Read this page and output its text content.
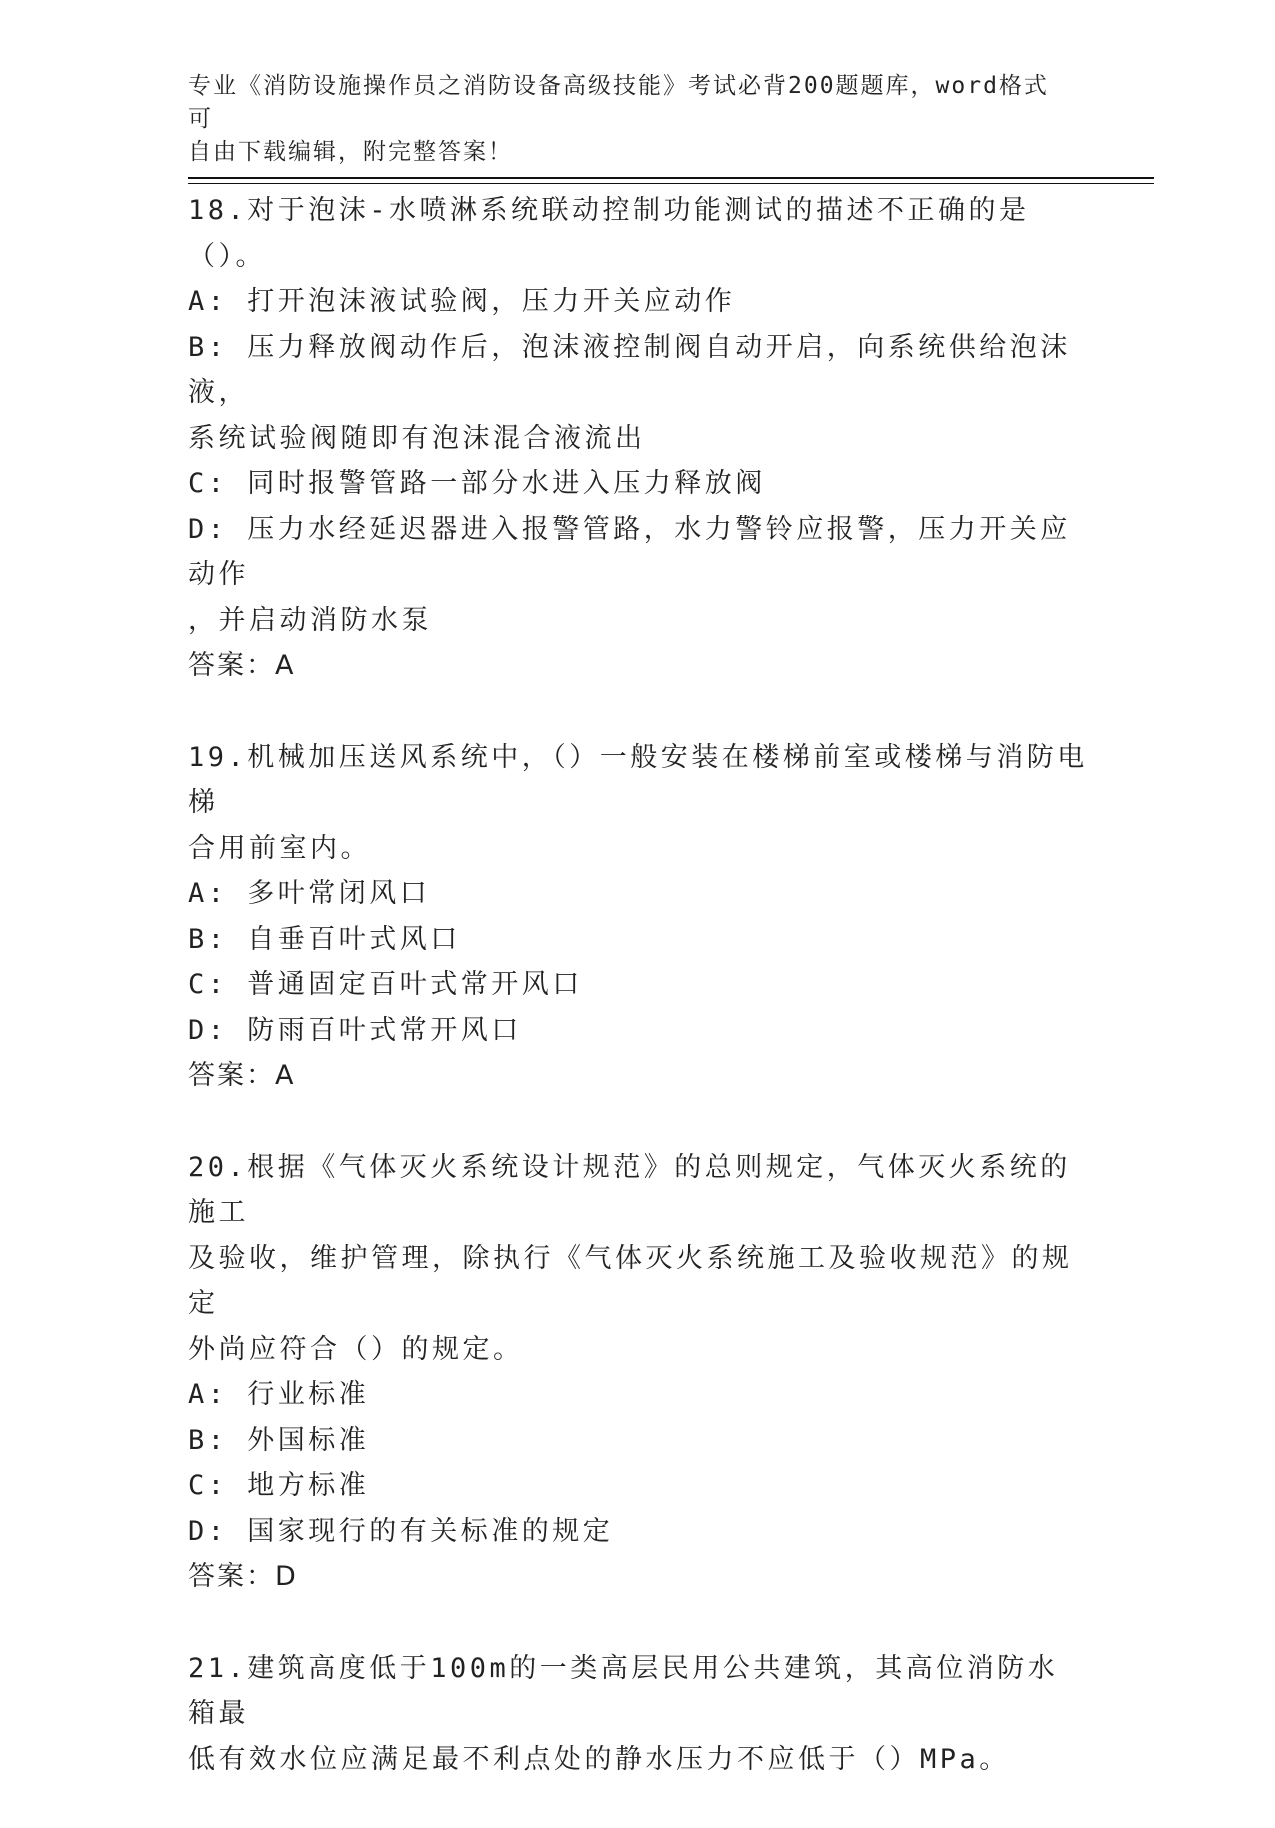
专业《消防设施操作员之消防设备高级技能》考试必背200题题库，word格式可
自由下载编辑，附完整答案！
18.对于泡沫-水喷淋系统联动控制功能测试的描述不正确的是（）。
A: 打开泡沫液试验阀，压力开关应动作
B: 压力释放阀动作后，泡沫液控制阀自动开启，向系统供给泡沫液，
系统试验阀随即有泡沫混合液流出
C: 同时报警管路一部分水进入压力释放阀
D: 压力水经延迟器进入报警管路，水力警铃应报警，压力开关应动作
，并启动消防水泵
答案：A
19.机械加压送风系统中，（）一般安装在楼梯前室或楼梯与消防电梯
合用前室内。
A: 多叶常闭风口
B: 自垂百叶式风口
C: 普通固定百叶式常开风口
D: 防雨百叶式常开风口
答案：A
20.根据《气体灭火系统设计规范》的总则规定，气体灭火系统的施工
及验收，维护管理，除执行《气体灭火系统施工及验收规范》的规定
外尚应符合（）的规定。
A: 行业标准
B: 外国标准
C: 地方标准
D: 国家现行的有关标准的规定
答案：D
21.建筑高度低于100m的一类高层民用公共建筑，其高位消防水箱最
低有效水位应满足最不利点处的静水压力不应低于（）MPa。
